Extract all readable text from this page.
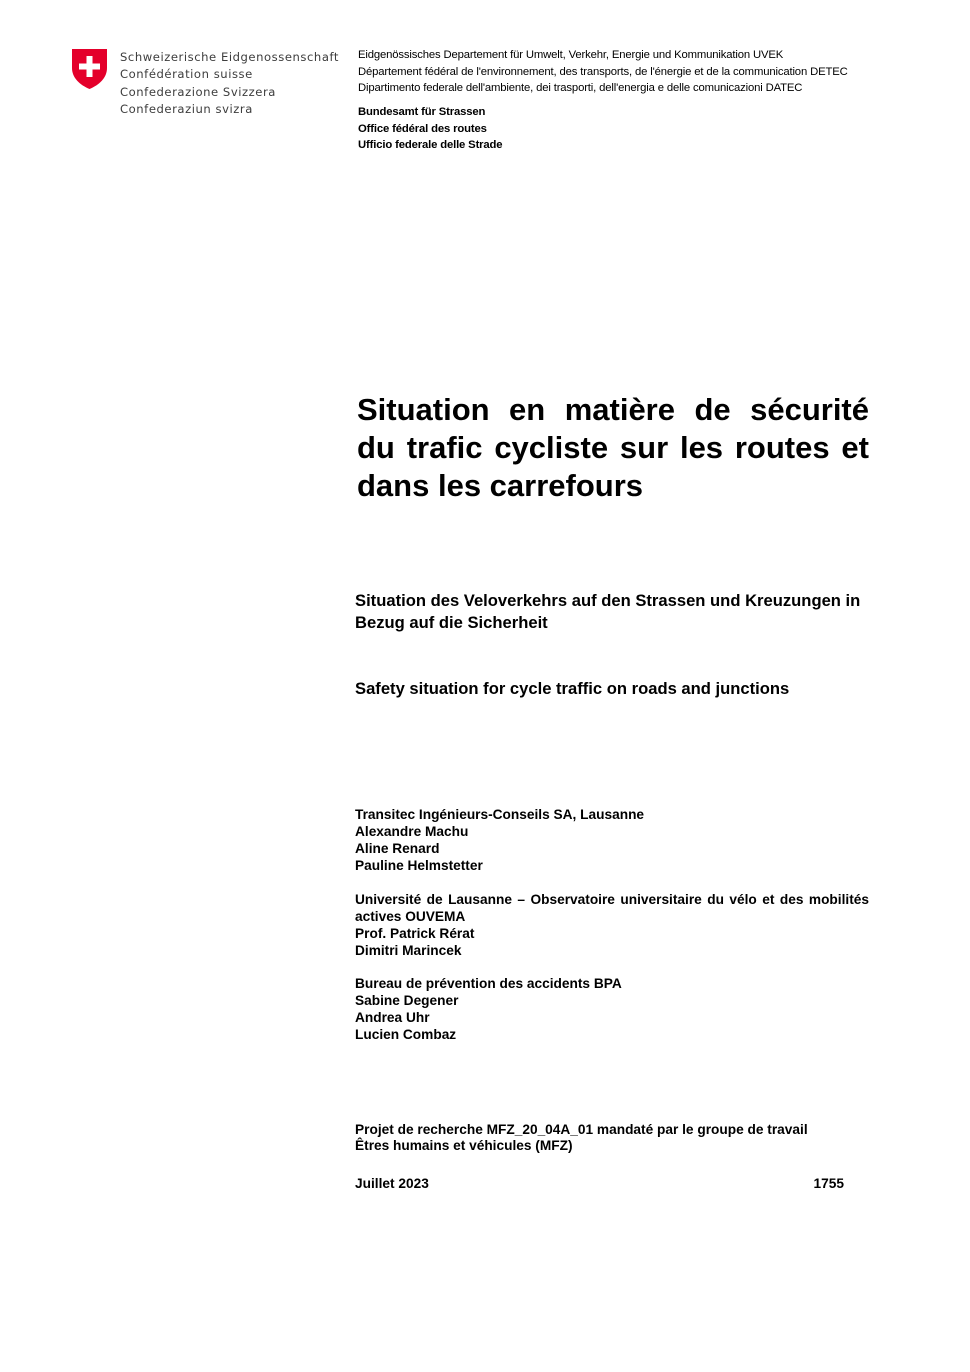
Schweizerische Eidgenossenschaft
Confédération suisse
Confederazione Svizzera
Confederaziun svizra
Eidgenössisches Departement für Umwelt, Verkehr, Energie und Kommunikation UVEK
Département fédéral de l'environnement, des transports, de l'énergie et de la communication DETEC
Dipartimento federale dell'ambiente, dei trasporti, dell'energia e delle comunicazioni DATEC
Bundesamt für Strassen
Office fédéral des routes
Ufficio federale delle Strade
Situation en matière de sécurité du trafic cycliste sur les routes et dans les carrefours
Situation des Veloverkehrs auf den Strassen und Kreuzungen in Bezug auf die Sicherheit
Safety situation for cycle traffic on roads and junctions
Transitec Ingénieurs-Conseils SA, Lausanne
Alexandre Machu
Aline Renard
Pauline Helmstetter
Université de Lausanne – Observatoire universitaire du vélo et des mobilités actives OUVEMA
Prof. Patrick Rérat
Dimitri Marincek
Bureau de prévention des accidents BPA
Sabine Degener
Andrea Uhr
Lucien Combaz
Projet de recherche MFZ_20_04A_01 mandaté par le groupe de travail
Êtres humains et véhicules (MFZ)
Juillet 2023	1755
